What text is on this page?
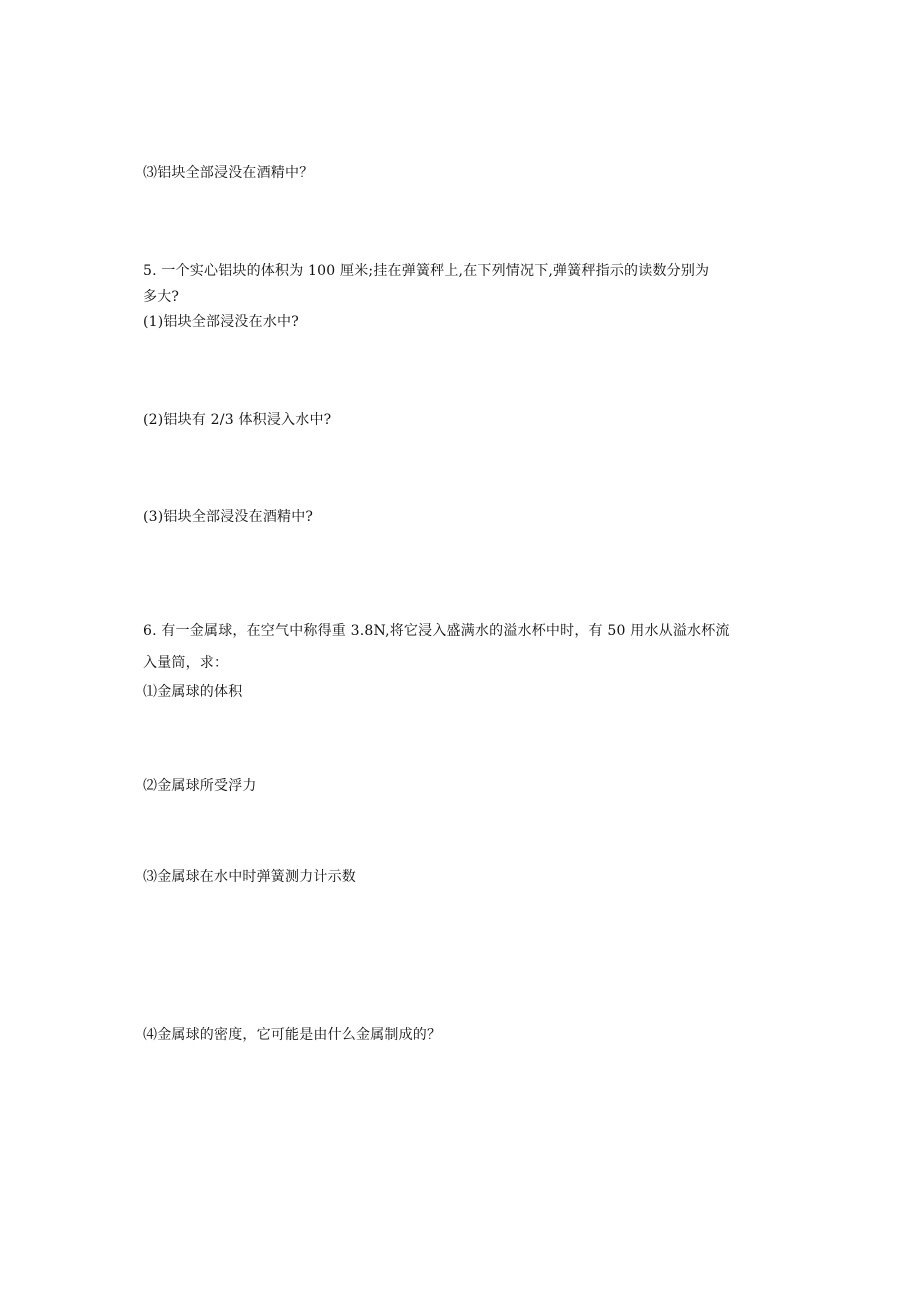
⑶铝块全部浸没在酒精中？
5. 一个实心铝块的体积为 100 厘米;挂在弹簧秤上,在下列情况下,弹簧秤指示的读数分别为
多大?
(1)铝块全部浸没在水中?
(2)铝块有 2/3 体积浸入水中?
(3)铝块全部浸没在酒精中?
6. 有一金属球，在空气中称得重 3.8N,将它浸入盛满水的溢水杯中时，有 50 用水从溢水杯流
入量筒，求：
⑴金属球的体积
⑵金属球所受浮力
⑶金属球在水中时弹簧测力计示数
⑷金属球的密度，它可能是由什么金属制成的？
